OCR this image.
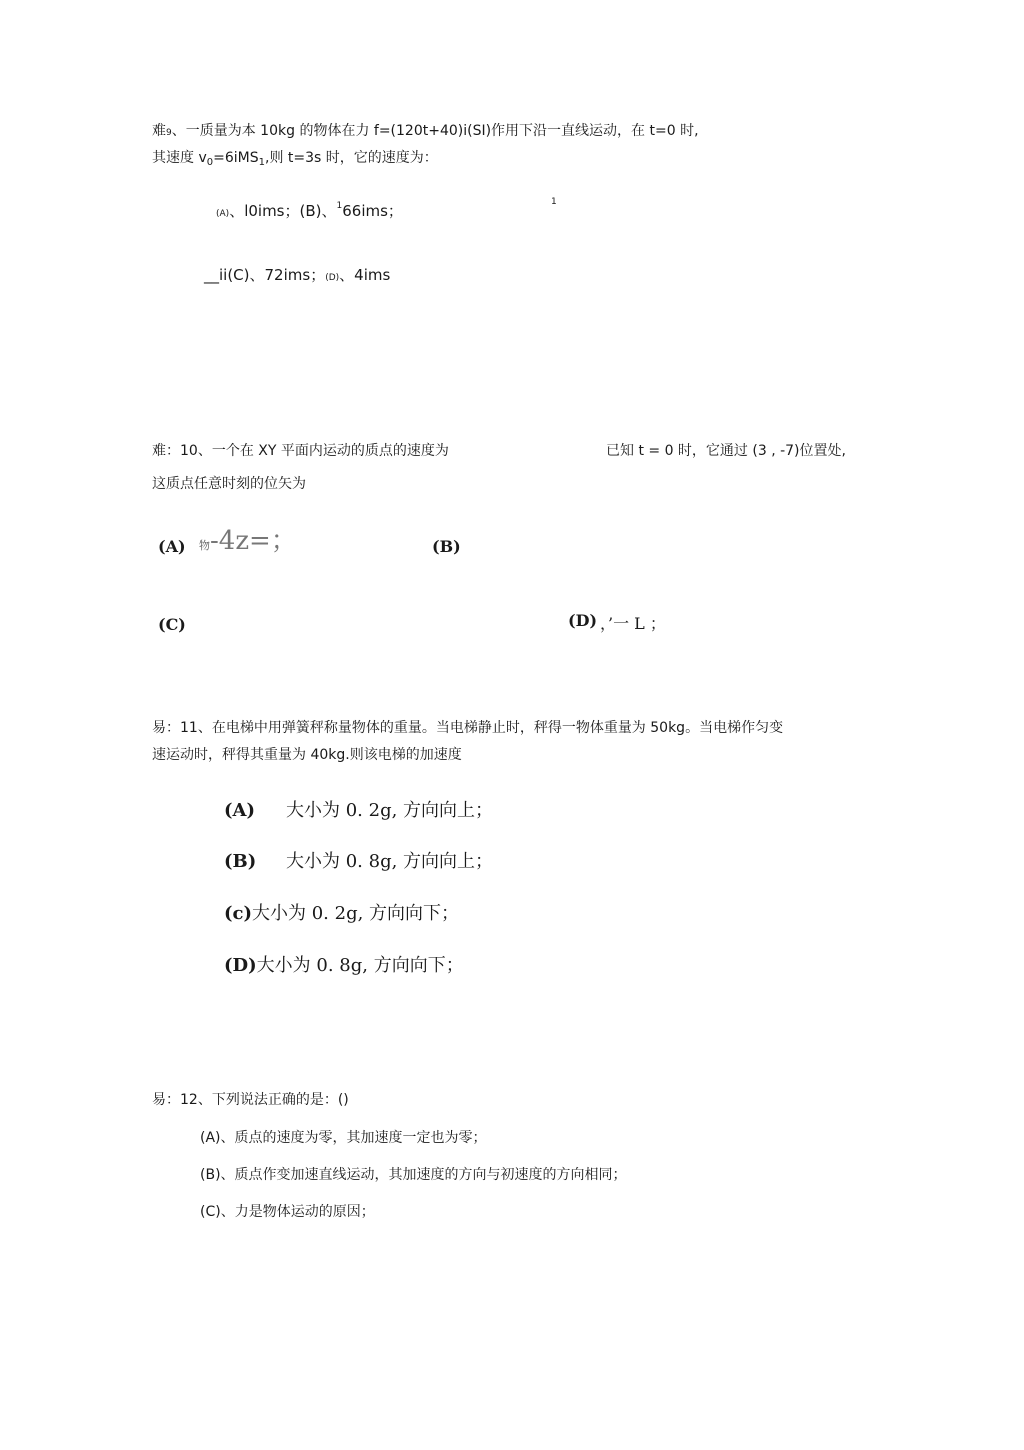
难9、一质量为本 10kg 的物体在力 f=(120t+40)i(SI)作用下沿一直线运动，在 t=0 时,
其速度 $v_0=6iMS_1$,则 t=3s 时，它的速度为：
(A)、l0ims；(B)、$^1$66ims；	1
__ii(C)、72ims；(D)、4ims
难：10、一个在 XY 平面内运动的质点的速度为	已知 t = 0 时，它通过 (3 , -7)位置处,
这质点任意时刻的位矢为
(A) 物-4z=；	(B)
(C)	(D) ，’一 L ；
易：11、在电梯中用弹簧秤称量物体的重量。当电梯静止时，秤得一物体重量为 50kg。当电梯作匀变
速运动时，秤得其重量为 40kg.则该电梯的加速度
(A) 大小为 0. 2g, 方向向上；
(B) 大小为 0. 8g, 方向向上；
(c)大小为 0. 2g, 方向向下；
(D)大小为 0. 8g, 方向向下；
易：12、下列说法正确的是：()
(A)、质点的速度为零，其加速度一定也为零；
(B)、质点作变加速直线运动，其加速度的方向与初速度的方向相同；
(C)、力是物体运动的原因；
